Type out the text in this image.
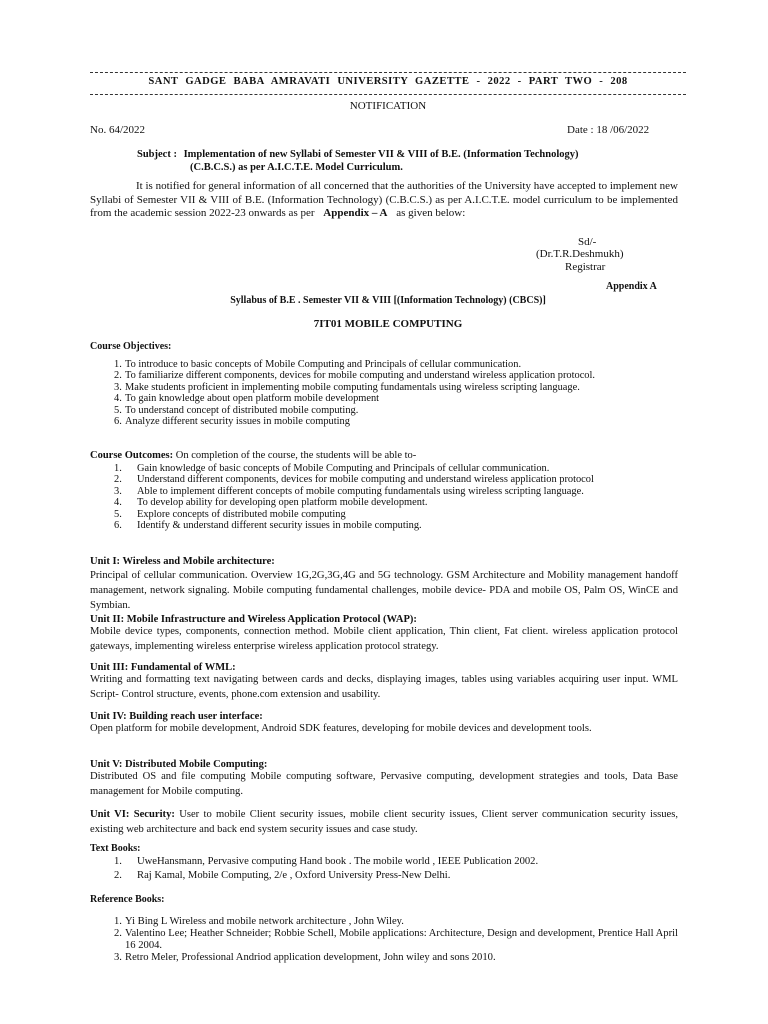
SANT GADGE BABA AMRAVATI UNIVERSITY GAZETTE - 2022 - PART TWO - 208
NOTIFICATION
No. 64/2022	Date : 18 /06/2022
Subject : Implementation of new Syllabi of Semester VII & VIII of B.E. (Information Technology)
(C.B.C.S.) as per A.I.C.T.E. Model Curriculum.
It is notified for general information of all concerned that the authorities of the University have accepted to implement new Syllabi of Semester VII & VIII of B.E. (Information Technology) (C.B.C.S.) as per A.I.C.T.E. model curriculum to be implemented from the academic session 2022-23 onwards as per Appendix – A as given below:
Sd/-
(Dr.T.R.Deshmukh)
Registrar
Appendix A
Syllabus of B.E . Semester VII & VIII [(Information Technology) (CBCS)]
7IT01 MOBILE COMPUTING
Course Objectives:
1. To introduce to basic concepts of Mobile Computing and Principals of cellular communication.
2. To familiarize different components, devices for mobile computing and understand wireless application protocol.
3. Make students proficient in implementing mobile computing fundamentals using wireless scripting language.
4. To gain knowledge about open platform mobile development
5. To understand concept of distributed mobile computing.
6. Analyze different security issues in mobile computing
Course Outcomes: On completion of the course, the students will be able to-
1.	Gain knowledge of basic concepts of Mobile Computing and Principals of cellular communication.
2.	Understand different components, devices for mobile computing and understand wireless application protocol
3.	Able to implement different concepts of mobile computing fundamentals using wireless scripting language.
4.	To develop ability for developing open platform mobile development.
5.	Explore concepts of distributed mobile computing
6.	Identify & understand different security issues in mobile computing.
Unit I: Wireless and Mobile architecture:
Principal of cellular communication. Overview 1G,2G,3G,4G and 5G technology. GSM Architecture and Mobility management handoff management, network signaling. Mobile computing fundamental challenges, mobile device- PDA and mobile OS, Palm OS, WinCE and Symbian.
Unit II: Mobile Infrastructure and Wireless Application Protocol (WAP):
Mobile device types, components, connection method. Mobile client application, Thin client, Fat client. wireless application protocol gateways, implementing wireless enterprise wireless application protocol strategy.
Unit III: Fundamental of WML:
Writing and formatting text navigating between cards and decks, displaying images, tables using variables acquiring user input. WML Script- Control structure, events, phone.com extension and usability.
Unit IV: Building reach user interface:
Open platform for mobile development, Android SDK features, developing for mobile devices and development tools.
Unit V: Distributed Mobile Computing:
Distributed OS and file computing Mobile computing software, Pervasive computing, development strategies and tools, Data Base management for Mobile computing.
Unit VI: Security: User to mobile Client security issues, mobile client security issues, Client server communication security issues, existing web architecture and back end system security issues and case study.
Text Books:
1.	UweHansmann, Pervasive computing Hand book . The mobile world , IEEE Publication 2002.
2.	Raj Kamal, Mobile Computing, 2/e , Oxford University Press-New Delhi.
Reference Books:
1. Yi Bing L Wireless and mobile network architecture , John Wiley.
2. Valentino Lee; Heather Schneider; Robbie Schell, Mobile applications: Architecture, Design and development, Prentice Hall April 16 2004.
3. Retro Meler, Professional Andriod application development, John wiley and sons 2010.
